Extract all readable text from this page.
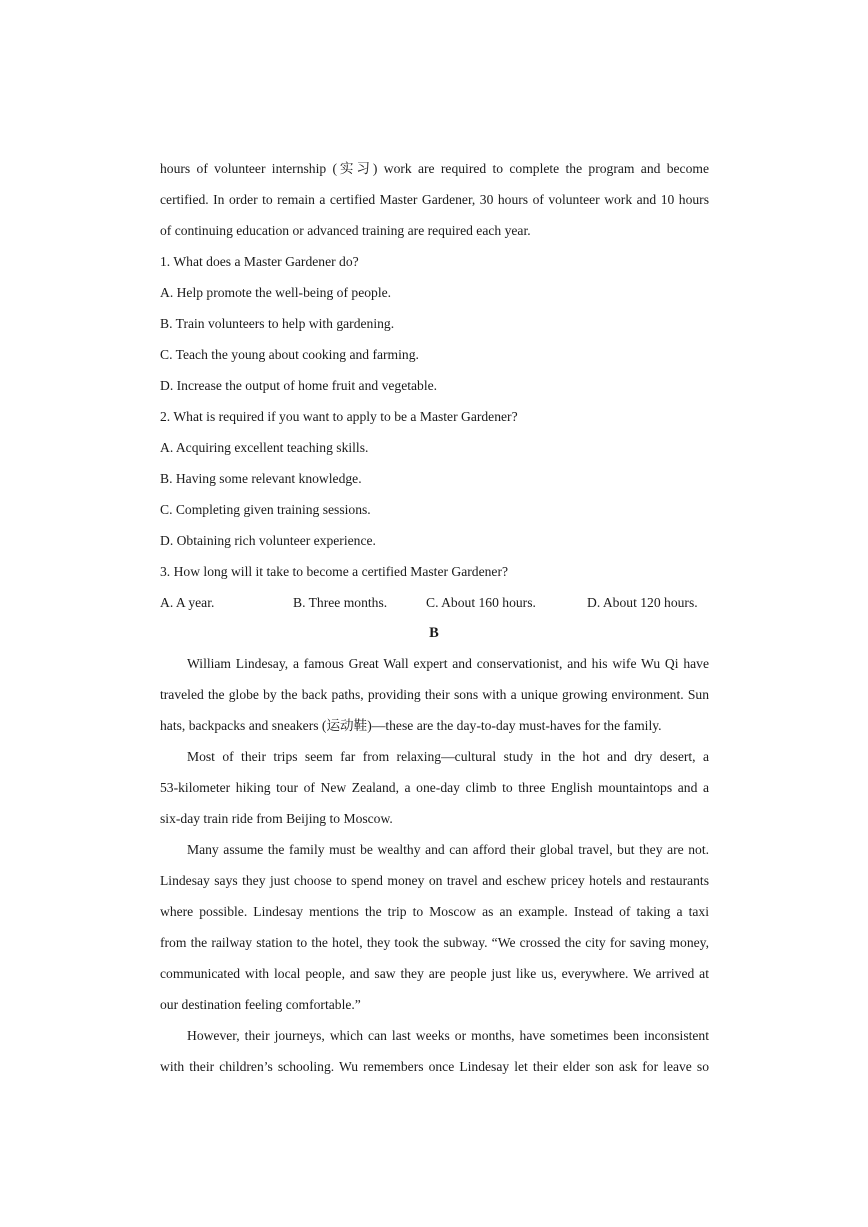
hours of volunteer internship (实习) work are required to complete the program and become
certified. In order to remain a certified Master Gardener, 30 hours of volunteer work and 10 hours
of continuing education or advanced training are required each year.
1. What does a Master Gardener do?
A. Help promote the well-being of people.
B. Train volunteers to help with gardening.
C. Teach the young about cooking and farming.
D. Increase the output of home fruit and vegetable.
2. What is required if you want to apply to be a Master Gardener?
A. Acquiring excellent teaching skills.
B. Having some relevant knowledge.
C. Completing given training sessions.
D. Obtaining rich volunteer experience.
3. How long will it take to become a certified Master Gardener?
A. A year.	B. Three months.	C. About 160 hours.	D. About 120 hours.
B
William Lindesay, a famous Great Wall expert and conservationist, and his wife Wu Qi have
traveled the globe by the back paths, providing their sons with a unique growing environment. Sun
hats, backpacks and sneakers (运动鞋)—these are the day-to-day must-haves for the family.
Most of their trips seem far from relaxing—cultural study in the hot and dry desert, a
53-kilometer hiking tour of New Zealand, a one-day climb to three English mountaintops and a
six-day train ride from Beijing to Moscow.
Many assume the family must be wealthy and can afford their global travel, but they are not.
Lindesay says they just choose to spend money on travel and eschew pricey hotels and restaurants
where possible. Lindesay mentions the trip to Moscow as an example. Instead of taking a taxi
from the railway station to the hotel, they took the subway. “We crossed the city for saving money,
communicated with local people, and saw they are people just like us, everywhere. We arrived at
our destination feeling comfortable.”
However, their journeys, which can last weeks or months, have sometimes been inconsistent
with their children’s schooling. Wu remembers once Lindesay let their elder son ask for leave so
